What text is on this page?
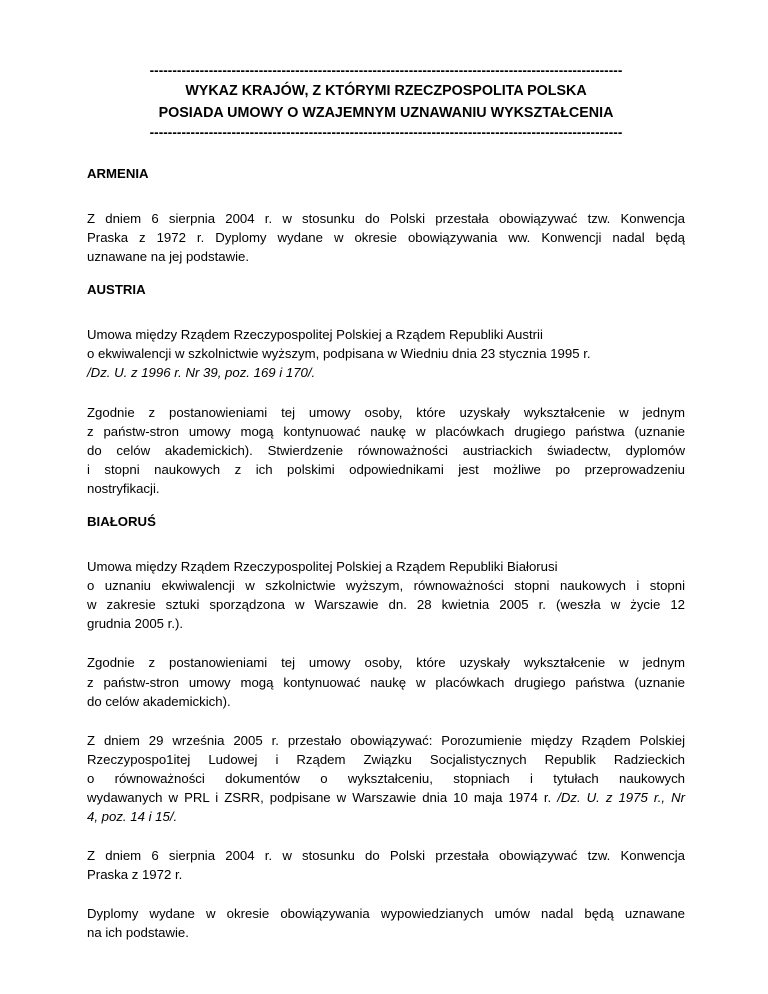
--------------------------------------------------------------------------------------------------------
WYKAZ KRAJÓW, Z KTÓRYMI RZECZPOSPOLITA POLSKA
POSIADA UMOWY O WZAJEMNYM UZNAWANIU WYKSZTAŁCENIA
--------------------------------------------------------------------------------------------------------
ARMENIA

Z dniem 6 sierpnia 2004 r. w stosunku do Polski przestała obowiązywać tzw. Konwencja
Praska z 1972 r. Dyplomy wydane w okresie obowiązywania ww. Konwencji nadal będą
uznawane na jej podstawie.

AUSTRIA

Umowa między Rządem Rzeczypospolitej Polskiej a Rządem Republiki Austrii
o ekwiwalencji w szkolnictwie wyższym, podpisana w Wiedniu dnia 23 stycznia 1995 r.
/Dz. U. z 1996 r. Nr 39, poz. 169 i 170/.

Zgodnie z postanowieniami tej umowy osoby, które uzyskały wykształcenie w jednym
z państw-stron umowy mogą kontynuować naukę w placówkach drugiego państwa (uznanie
do celów akademickich). Stwierdzenie równoważności austriackich świadectw, dyplomów
i stopni naukowych z ich polskimi odpowiednikami jest możliwe po przeprowadzeniu
nostryfikacji.

BIAŁORUŚ

Umowa między Rządem Rzeczypospolitej Polskiej a Rządem Republiki Białorusi
o uznaniu ekwiwalencji w szkolnictwie wyższym, równoważności stopni naukowych i stopni
w zakresie sztuki sporządzona w Warszawie dn. 28 kwietnia 2005 r. (weszła w życie 12
grudnia 2005 r.).

Zgodnie z postanowieniami tej umowy osoby, które uzyskały wykształcenie w jednym
z państw-stron umowy mogą kontynuować naukę w placówkach drugiego państwa (uznanie
do celów akademickich).

Z dniem 29 września 2005 r. przestało obowiązywać: Porozumienie między Rządem Polskiej
Rzeczypospo1itej Ludowej i Rządem Związku Socjalistycznych Republik Radzieckich
o równoważności dokumentów o wykształceniu, stopniach i tytułach naukowych
wydawanych w PRL i ZSRR, podpisane w Warszawie dnia 10 maja 1974 r. /Dz. U. z 1975 r., Nr
4, poz. 14 i 15/.

Z dniem 6 sierpnia 2004 r. w stosunku do Polski przestała obowiązywać tzw. Konwencja
Praska z 1972 r.

Dyplomy wydane w okresie obowiązywania wypowiedzianych umów nadal będą uznawane
na ich podstawie.
